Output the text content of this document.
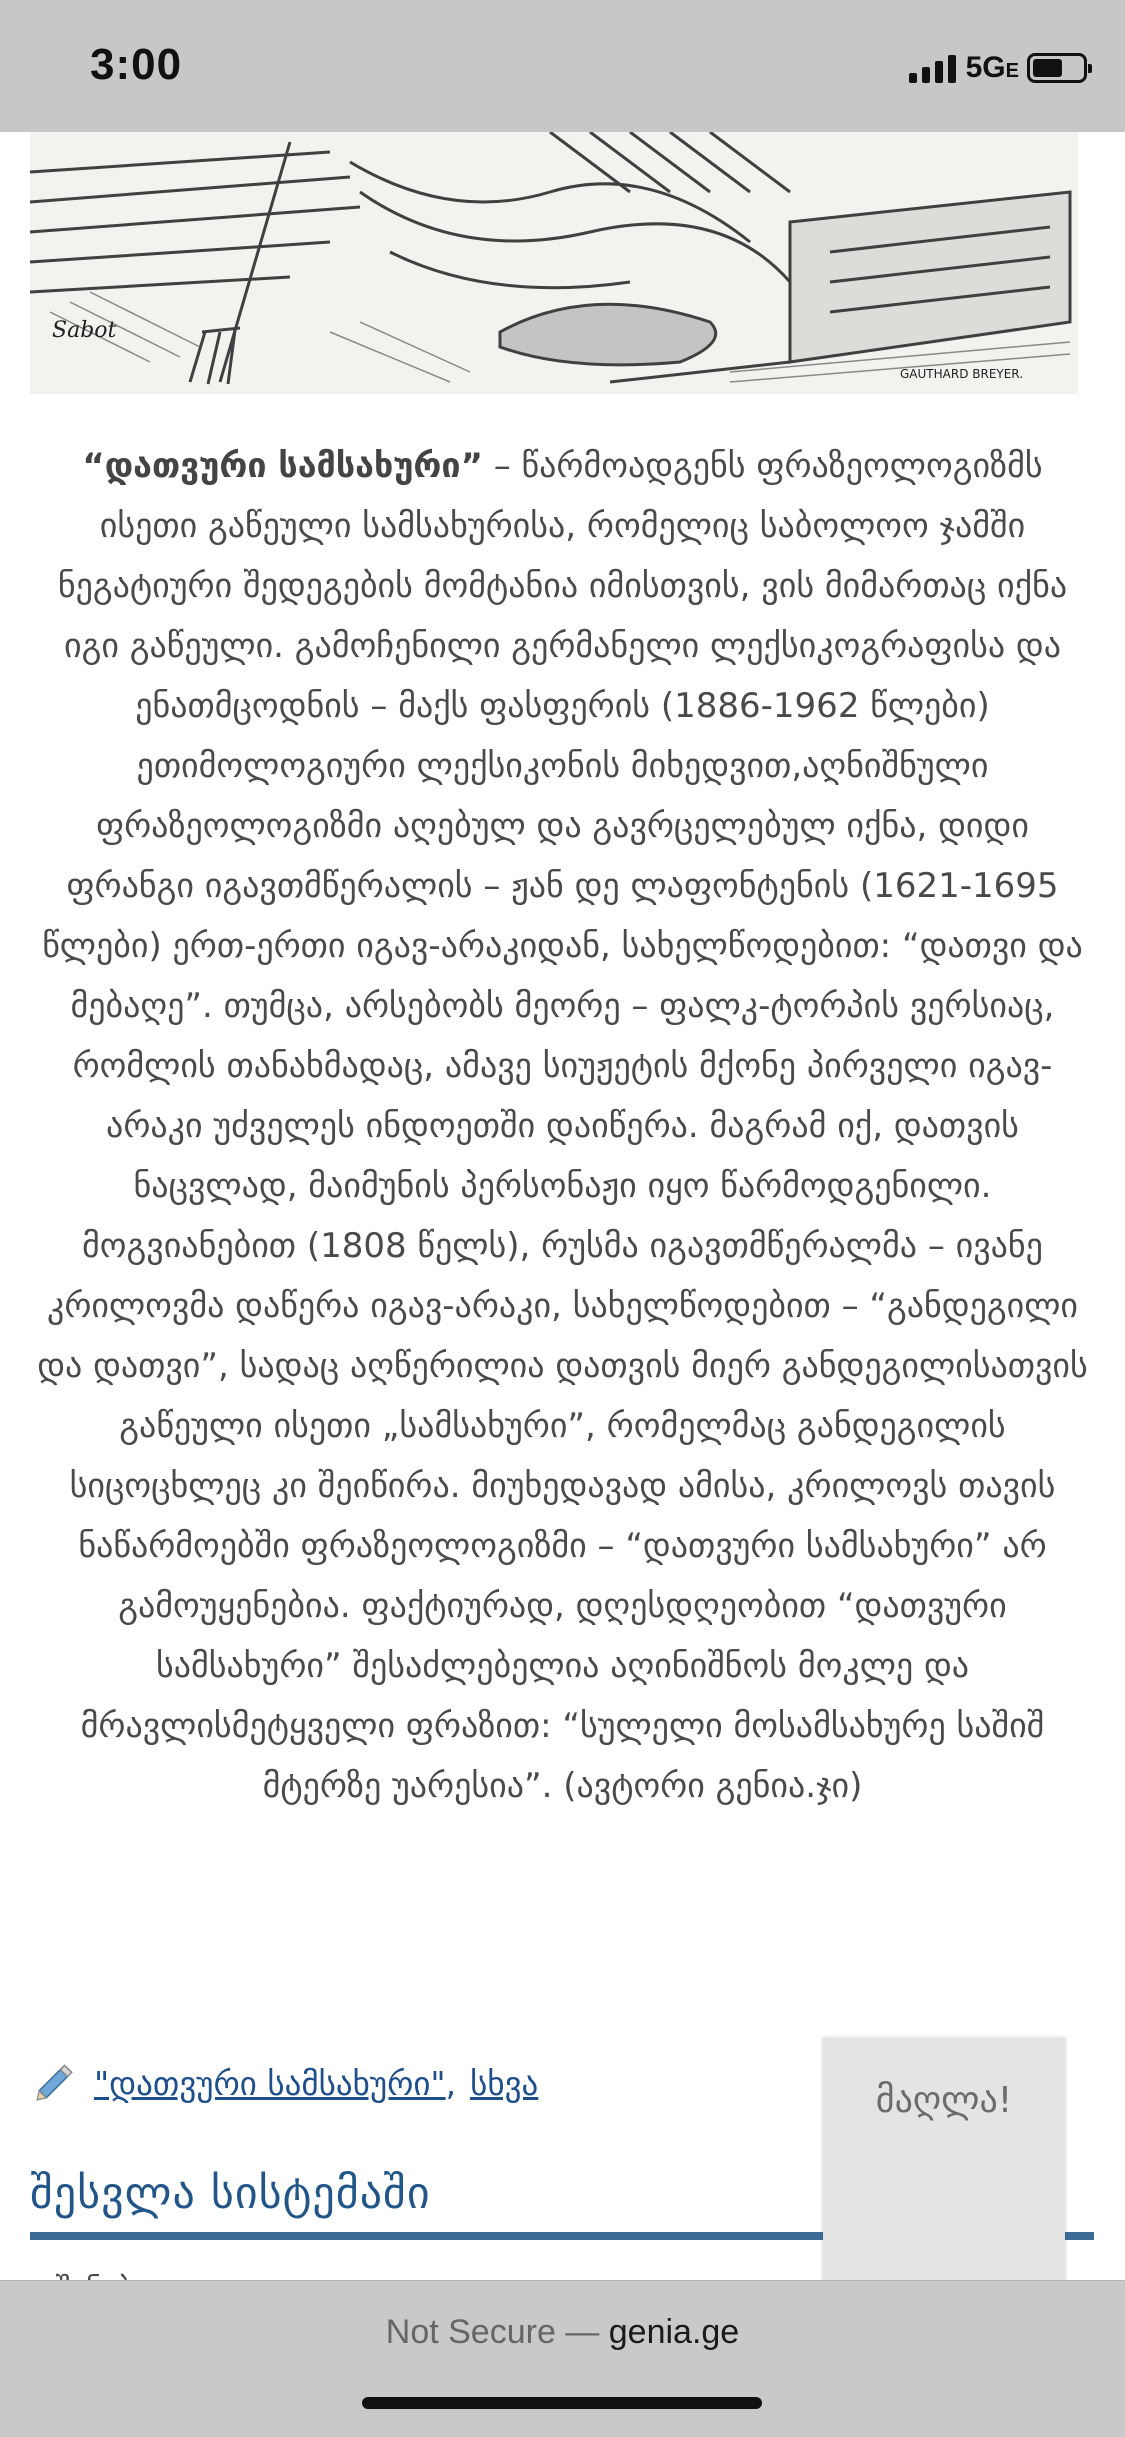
3:00	5GE
Sabot
GAUTHARD BREYER.
“დათვური სამსახური” – წარმოადგენს ფრაზეოლოგიზმს ისეთი გაწეული სამსახურისა, რომელიც საბოლოო ჯამში ნეგატიური შედეგების მომტანია იმისთვის, ვის მიმართაც იქნა იგი გაწეული. გამოჩენილი გერმანელი ლექსიკოგრაფისა და ენათმცოდნის – მაქს ფასფერის (1886-1962 წლები) ეთიმოლოგიური ლექსიკონის მიხედვით,აღნიშნული ფრაზეოლოგიზმი აღებულ და გავრცელებულ იქნა, დიდი ფრანგი იგავთმწერალის – ჟან დე ლაფონტენის (1621-1695 წლები) ერთ-ერთი იგავ-არაკიდან, სახელწოდებით: “დათვი და მებაღე”. თუმცა, არსებობს მეორე – ფალკ-ტორპის ვერსიაც, რომლის თანახმადაც, ამავე სიუჟეტის მქონე პირველი იგავ-არაკი უძველეს ინდოეთში დაიწერა. მაგრამ იქ, დათვის ნაცვლად, მაიმუნის პერსონაჟი იყო წარმოდგენილი. მოგვიანებით (1808 წელს), რუსმა იგავთმწერალმა – ივანე კრილოვმა დაწერა იგავ-არაკი, სახელწოდებით – “განდეგილი და დათვი”, სადაც აღწერილია დათვის მიერ განდეგილისათვის გაწეული ისეთი „სამსახური”, რომელმაც განდეგილის სიცოცხლეც კი შეიწირა. მიუხედავად ამისა, კრილოვს თავის ნაწარმოებში ფრაზეოლოგიზმი – “დათვური სამსახური” არ გამოუყენებია. ფაქტიურად, დღესდღეობით “დათვური სამსახური” შესაძლებელია აღინიშნოს მოკლე და მრავლისმეტყველი ფრაზით: “სულელი მოსამსახურე საშიშ მტერზე უარესია”. (ავტორი გენია.ჯი)
"დათვური სამსახური" , სხვა
შესვლა სისტემაში
მაღლა!
Not Secure — genia.ge
